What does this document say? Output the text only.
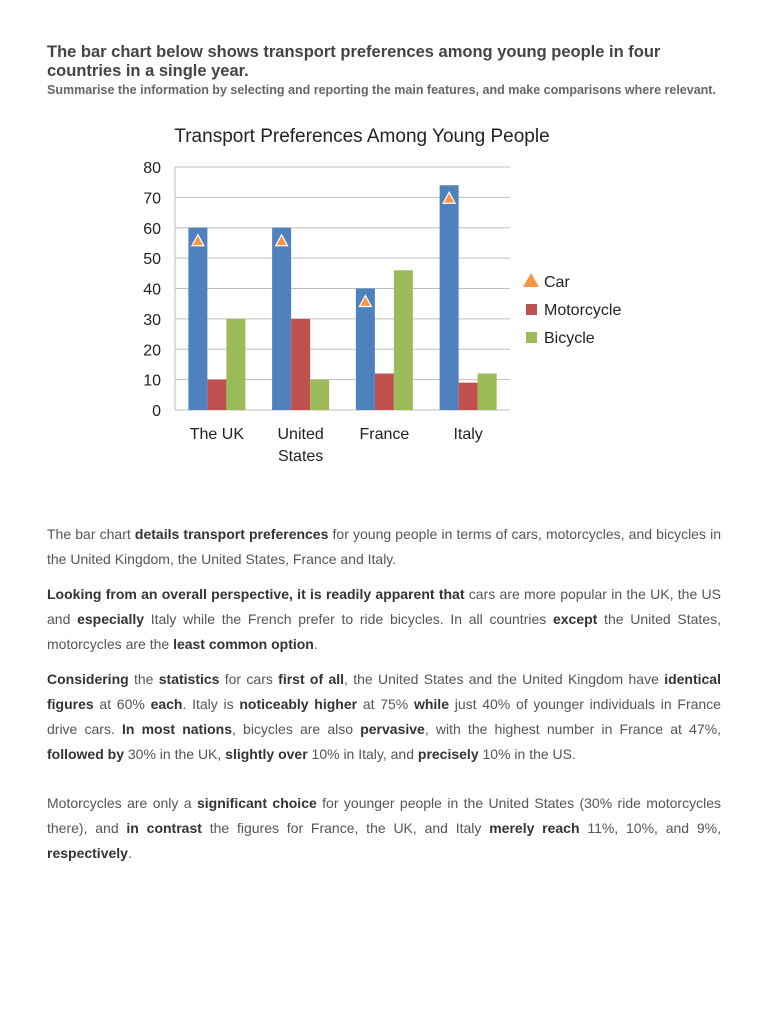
The bar chart below shows transport preferences among young people in four countries in a single year.

Summarise the information by selecting and reporting the main features, and make comparisons where relevant.

Transport Preferences Among Young People
0
10
20
30
40
50
60
70
80
The UK United States
France	Italy
Car
Motorcycle
Bicycle

The bar chart details transport preferences for young people in terms of cars, motorcycles, and bicycles in the United Kingdom, the United States, France and Italy.

Looking from an overall perspective, it is readily apparent that cars are more popular in the UK, the US and especially Italy while the French prefer to ride bicycles. In all countries except the United States, motorcycles are the least common option.

Considering the statistics for cars first of all, the United States and the United Kingdom have identical figures at 60% each. Italy is noticeably higher at 75% while just 40% of younger individuals in France drive cars. In most nations, bicycles are also pervasive, with the highest number in France at 47%, followed by 30% in the UK, slightly over 10% in Italy, and precisely 10% in the US.

Motorcycles are only a significant choice for younger people in the United States (30% ride motorcycles there), and in contrast the figures for France, the UK, and Italy merely reach 11%, 10%, and 9%, respectively.
